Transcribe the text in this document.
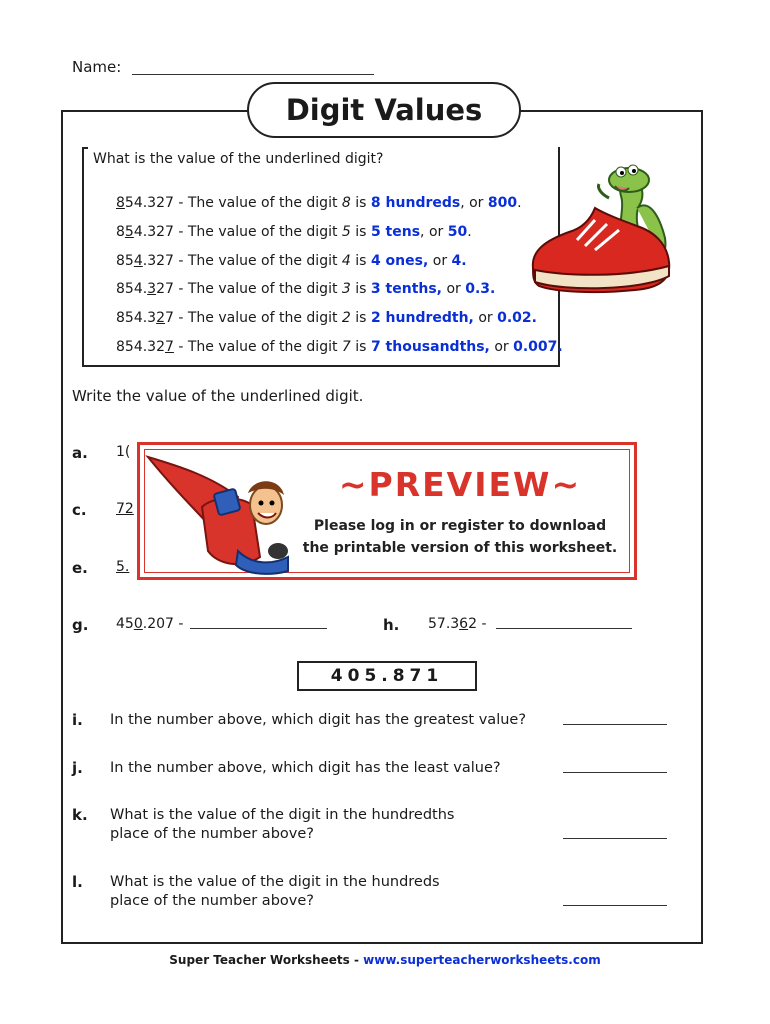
Name:
Digit Values
What is the value of the underlined digit?
854.327 - The value of the digit 8 is 8 hundreds, or 800.
854.327 - The value of the digit 5 is 5 tens, or 50.
854.327 - The value of the digit 4 is 4 ones, or 4.
854.327 - The value of the digit 3 is 3 tenths, or 0.3.
854.327 - The value of the digit 2 is 2 hundredth, or 0.02.
854.327 - The value of the digit 7 is 7 thousandths, or 0.007.
Write the value of the underlined digit.
a. 1(
c. 72
e. 5.
g. 450.207 -	h. 57.362 -
405.871
i. In the number above, which digit has the greatest value?
j. In the number above, which digit has the least value?
k. What is the value of the digit in the hundredths
place of the number above?
l. What is the value of the digit in the hundreds
place of the number above?
~PREVIEW~
Please log in or register to download
the printable version of this worksheet.
Super Teacher Worksheets - www.superteacherworksheets.com
